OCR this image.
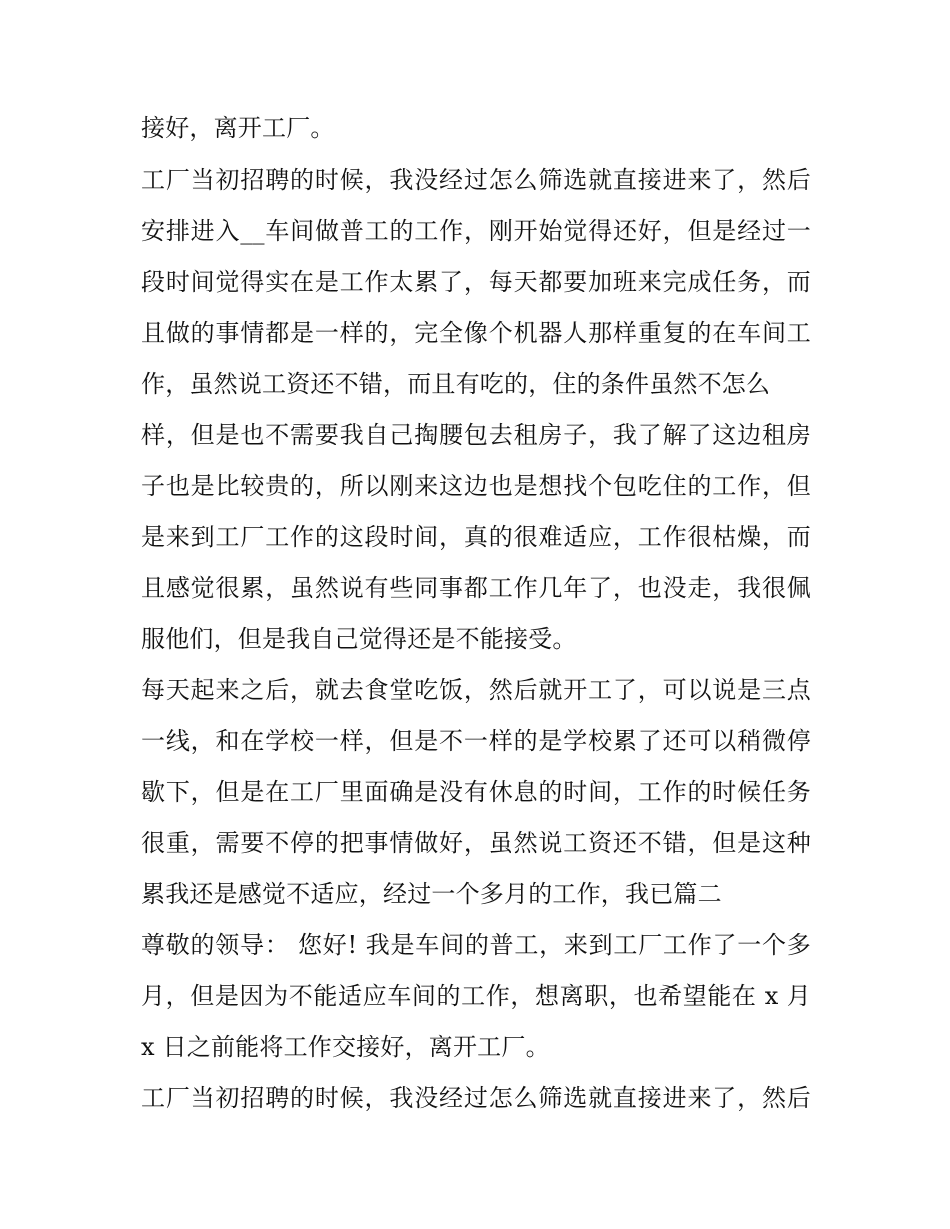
接好，离开工厂。
工厂当初招聘的时候，我没经过怎么筛选就直接进来了，然后
安排进入__车间做普工的工作，刚开始觉得还好，但是经过一
段时间觉得实在是工作太累了，每天都要加班来完成任务，而
且做的事情都是一样的，完全像个机器人那样重复的在车间工
作，虽然说工资还不错，而且有吃的，住的条件虽然不怎么
样，但是也不需要我自己掏腰包去租房子，我了解了这边租房
子也是比较贵的，所以刚来这边也是想找个包吃住的工作，但
是来到工厂工作的这段时间，真的很难适应，工作很枯燥，而
且感觉很累，虽然说有些同事都工作几年了，也没走，我很佩
服他们，但是我自己觉得还是不能接受。
每天起来之后，就去食堂吃饭，然后就开工了，可以说是三点
一线，和在学校一样，但是不一样的是学校累了还可以稍微停
歇下，但是在工厂里面确是没有休息的时间，工作的时候任务
很重，需要不停的把事情做好，虽然说工资还不错，但是这种
累我还是感觉不适应，经过一个多月的工作，我已篇二
尊敬的领导： 您好! 我是车间的普工，来到工厂工作了一个多
月，但是因为不能适应车间的工作，想离职，也希望能在 x 月
x 日之前能将工作交接好，离开工厂。
工厂当初招聘的时候，我没经过怎么筛选就直接进来了，然后
